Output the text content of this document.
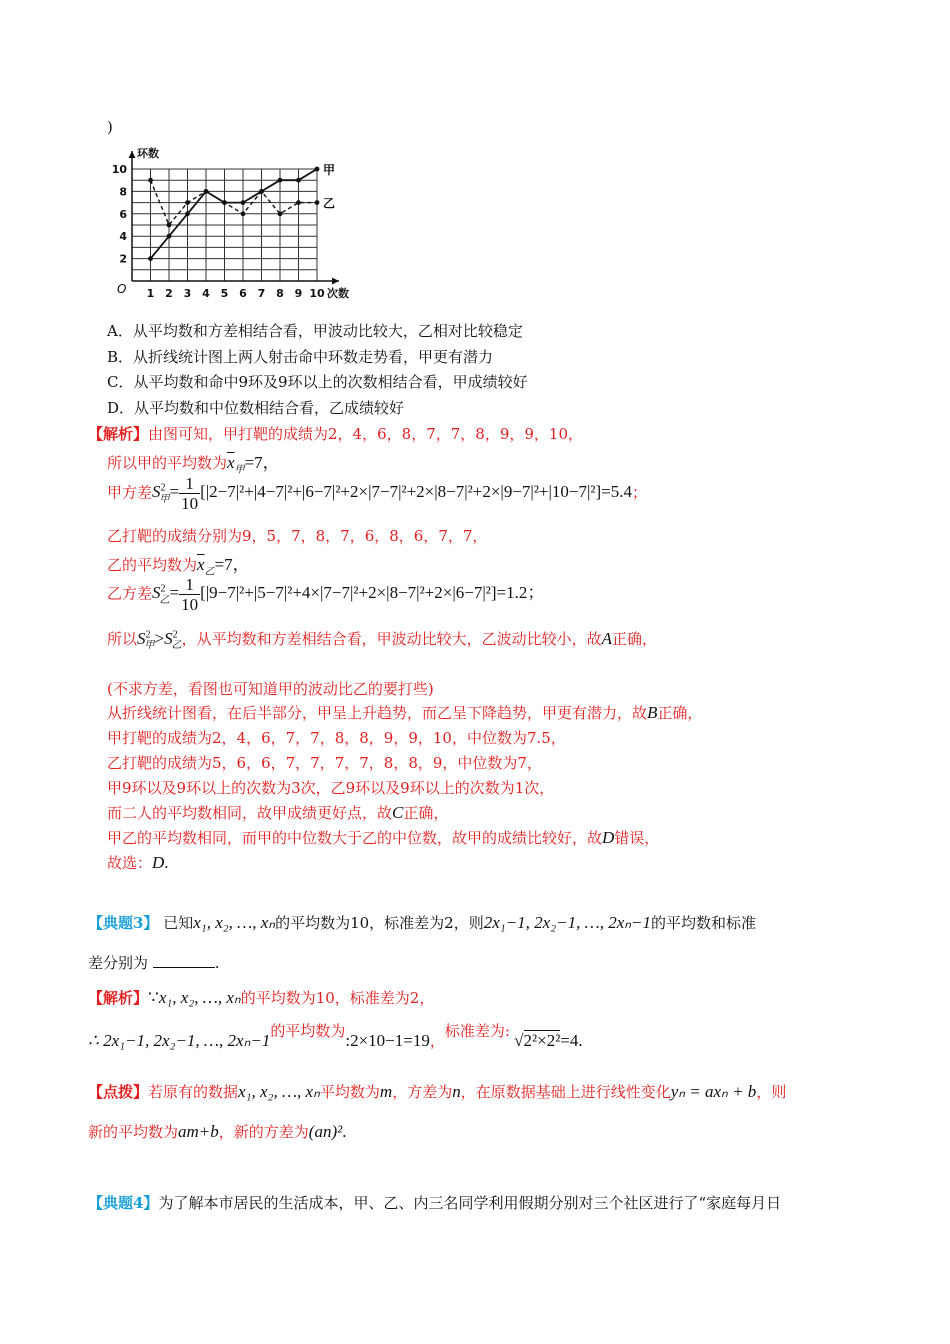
)
甲
乙
1 2 3 4 5 6 7 8 9 10
2
4
6
8
10
O
环数
次数
A．从平均数和方差相结合看，甲波动比较大，乙相对比较稳定
B．从折线统计图上两人射击命中环数走势看，甲更有潜力
C．从平均数和命中9环及9环以上的次数相结合看，甲成绩较好
D．从平均数和中位数相结合看，乙成绩较好
【解析】由图可知，甲打靶的成绩为2，4，6，8，7，7，8，9，9，10，
所以甲的平均数为$\overline{x}_甲=7$，
甲方差$S^2_甲= \frac{1}{10} [|2-7|^2+|4-7|^2+|6-7|^2+2\times|7-7|^2+2\times|8-7|^2+2\times|9-7|^2+|10-7|^2]=5.4$；
乙打靶的成绩分别为9，5，7，8，7，6，8，6，7，7，
乙的平均数为$\overline{x}_乙=7$，
乙方差$S^2_乙= \frac{1}{10} [|9-7|^2+|5-7|^2+4\times|7-7|^2+2\times|8-7|^2+2\times|6-7|^2]=1.2$；
所以$S^2_甲>S^2_乙$，从平均数和方差相结合看，甲波动比较大，乙波动比较小，故A正确，
(不求方差，看图也可知道甲的波动比乙的要打些)
从折线统计图看，在后半部分，甲呈上升趋势，而乙呈下降趋势，甲更有潜力，故B正确，
甲打靶的成绩为2，4，6，7，7，8，8，9，9，10，中位数为7.5，
乙打靶的成绩为5，6，6，7，7，7，7，8，8，9，中位数为7，
甲9环以及9环以上的次数为3次，乙9环以及9环以上的次数为1次，
而二人的平均数相同，故甲成绩更好点，故C正确，
甲乙的平均数相同，而甲的中位数大于乙的中位数，故甲的成绩比较好，故D错误，
故选：D.
【典题3】 已知x₁, x₂, …, xₙ的平均数为10，标准差为2，则2x₁−1, 2x₂−1, …, 2xₙ−1的平均数和标准
差分别为	.
【解析】∵x₁, x₂, …, xₙ的平均数为10，标准差为2，
∴ 2x₁−1, 2x₂−1, …, 2xₙ−1的平均数为:2×10−1=19，标准差为: √2²×2²=4.
【点拨】若原有的数据x₁, x₂, …, xₙ平均数为m，方差为n，在原数据基础上进行线性变化yₙ = axₙ + b，则
新的平均数为am+b，新的方差为(an)².
【典题4】为了解本市居民的生活成本，甲、乙、内三名同学利用假期分别对三个社区进行了“家庭每月日
